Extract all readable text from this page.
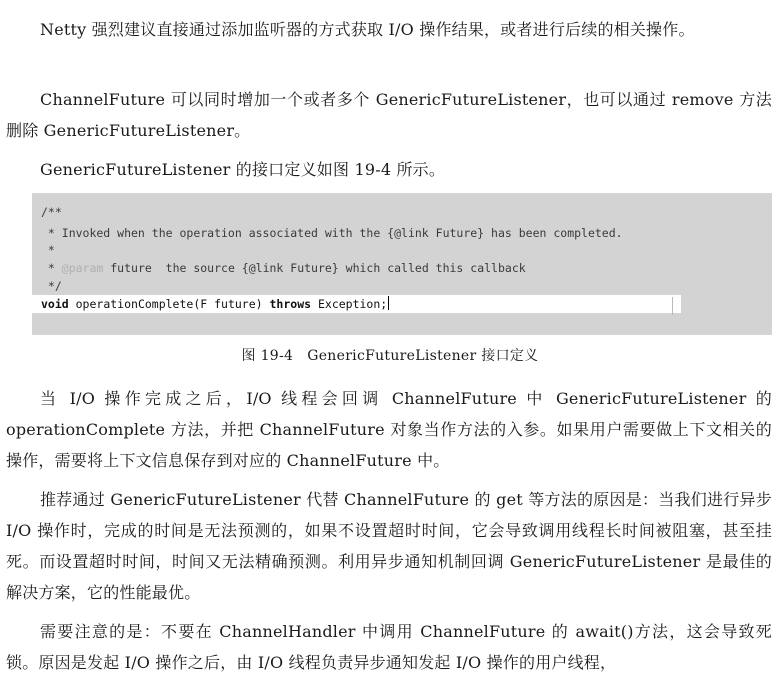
Netty 强烈建议直接通过添加监听器的方式获取 I/O 操作结果，或者进行后续的相关操作。

ChannelFuture 可以同时增加一个或者多个 GenericFutureListener，也可以通过 remove 方法删除 GenericFutureListener。

GenericFutureListener 的接口定义如图 19-4 所示。

/**
* Invoked when the operation associated with the {@link Future} has been completed.
*
* @param future  the source {@link Future} which called this callback
*/
void operationComplete(F future) throws Exception;
图 19-4 GenericFutureListener 接口定义

当 I/O 操作完成之后，I/O 线程会回调 ChannelFuture 中 GenericFutureListener 的 operationComplete 方法，并把 ChannelFuture 对象当作方法的入参。如果用户需要做上下文相关的操作，需要将上下文信息保存到对应的 ChannelFuture 中。

推荐通过 GenericFutureListener 代替 ChannelFuture 的 get 等方法的原因是：当我们进行异步 I/O 操作时，完成的时间是无法预测的，如果不设置超时时间，它会导致调用线程长时间被阻塞，甚至挂死。而设置超时时间，时间又无法精确预测。利用异步通知机制回调 GenericFutureListener 是最佳的解决方案，它的性能最优。

需要注意的是：不要在 ChannelHandler 中调用 ChannelFuture 的 await()方法，这会导致死锁。原因是发起 I/O 操作之后，由 I/O 线程负责异步通知发起 I/O 操作的用户线程，
